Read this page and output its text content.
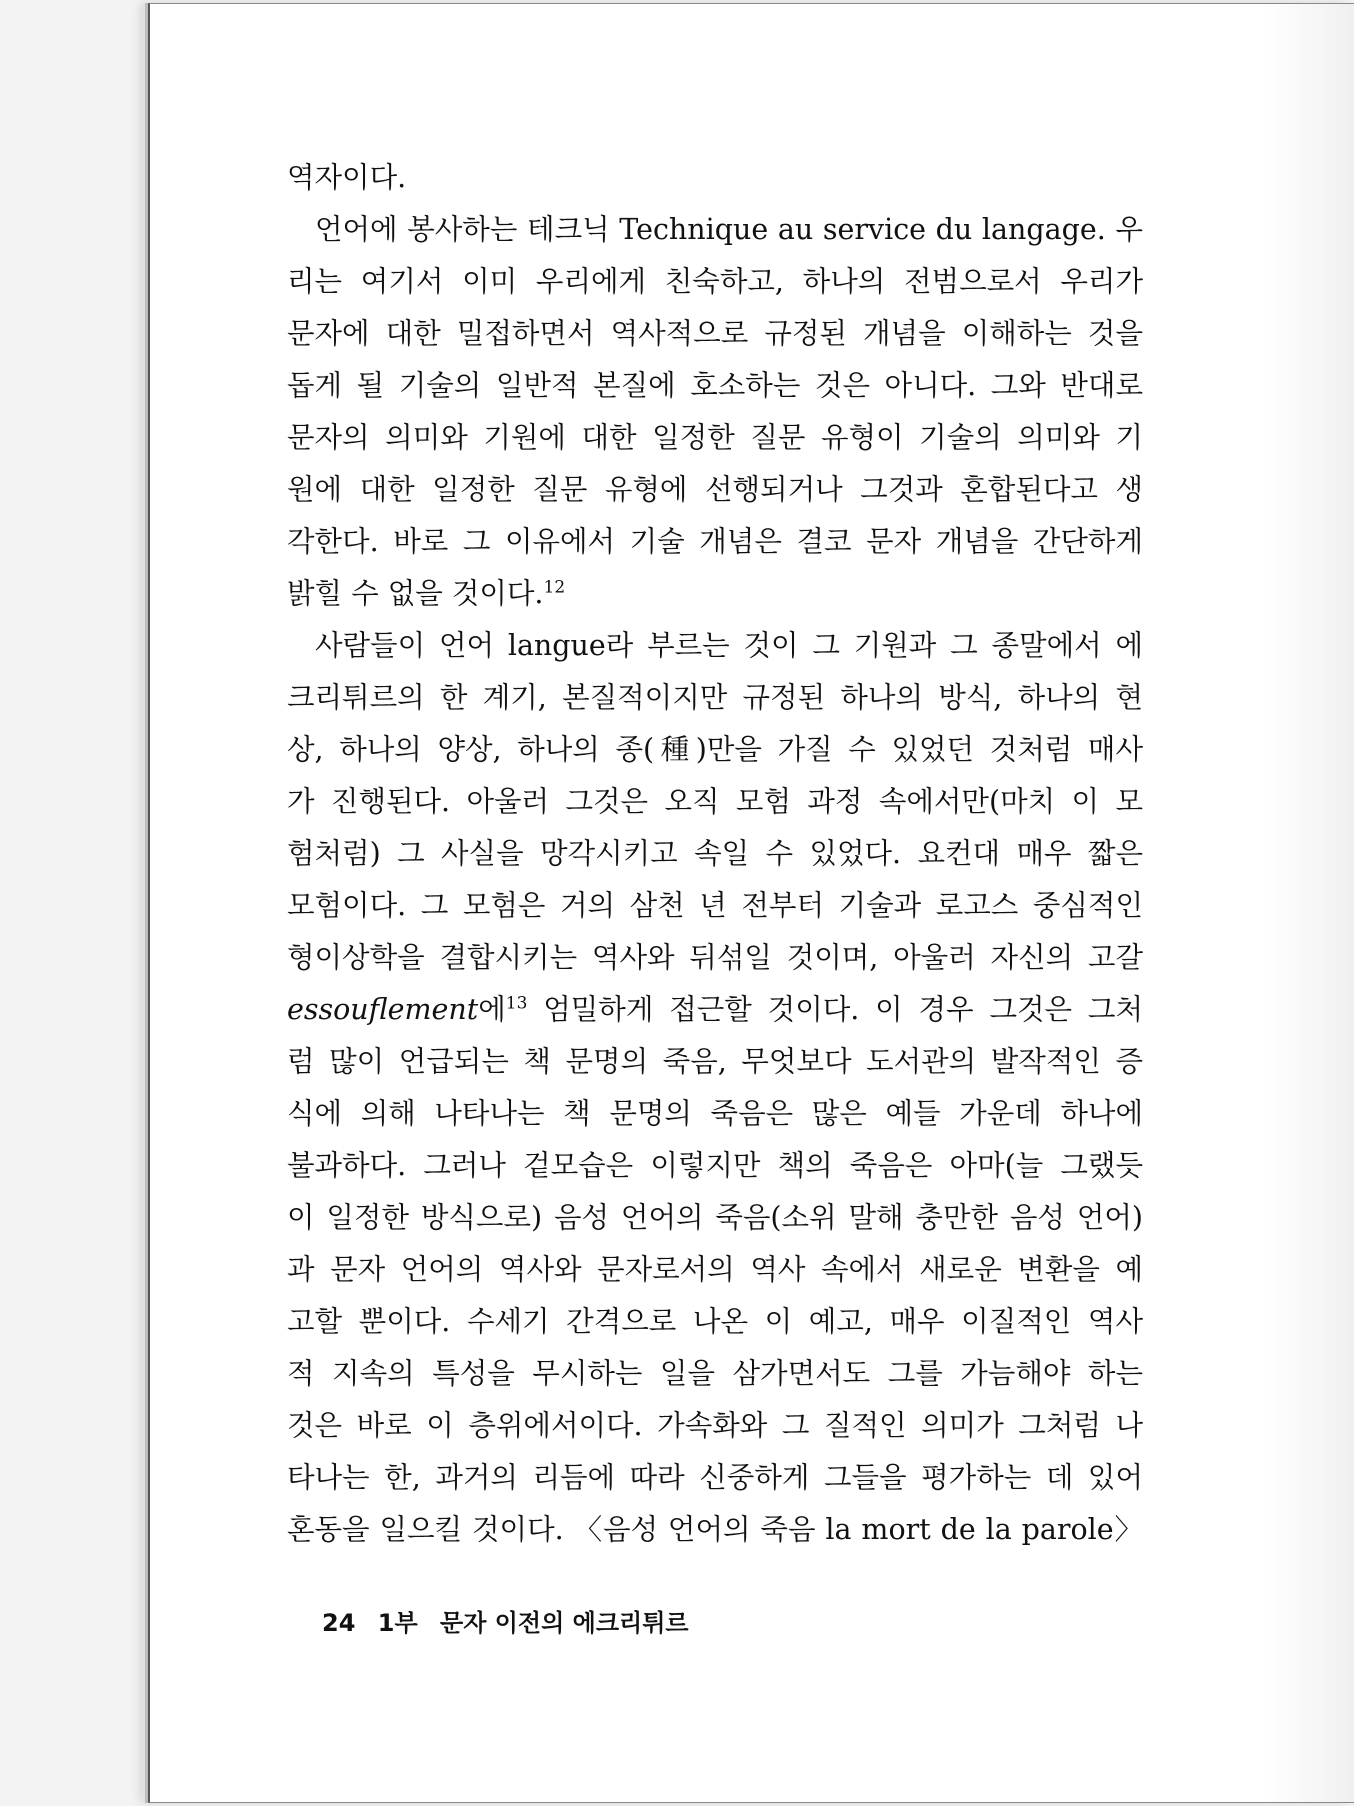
역자이다.
언어에 봉사하는 테크닉 Technique au service du langage. 우
리는 여기서 이미 우리에게 친숙하고, 하나의 전범으로서 우리가
문자에 대한 밀접하면서 역사적으로 규정된 개념을 이해하는 것을
돕게 될 기술의 일반적 본질에 호소하는 것은 아니다. 그와 반대로
문자의 의미와 기원에 대한 일정한 질문 유형이 기술의 의미와 기
원에 대한 일정한 질문 유형에 선행되거나 그것과 혼합된다고 생
각한다. 바로 그 이유에서 기술 개념은 결코 문자 개념을 간단하게
밝힐 수 없을 것이다.$^{12}$
사람들이 언어 langue라 부르는 것이 그 기원과 그 종말에서 에
크리튀르의 한 계기, 본질적이지만 규정된 하나의 방식, 하나의 현
상, 하나의 양상, 하나의 종(種)만을 가질 수 있었던 것처럼 매사
가 진행된다. 아울러 그것은 오직 모험 과정 속에서만(마치 이 모
험처럼) 그 사실을 망각시키고 속일 수 있었다. 요컨대 매우 짧은
모험이다. 그 모험은 거의 삼천 년 전부터 기술과 로고스 중심적인
형이상학을 결합시키는 역사와 뒤섞일 것이며, 아울러 자신의 고갈
essouflement에$^{13}$ 엄밀하게 접근할 것이다. 이 경우 그것은 그처
럼 많이 언급되는 책 문명의 죽음, 무엇보다 도서관의 발작적인 증
식에 의해 나타나는 책 문명의 죽음은 많은 예들 가운데 하나에
불과하다. 그러나 겉모습은 이렇지만 책의 죽음은 아마(늘 그랬듯
이 일정한 방식으로) 음성 언어의 죽음(소위 말해 충만한 음성 언어)
과 문자 언어의 역사와 문자로서의 역사 속에서 새로운 변환을 예
고할 뿐이다. 수세기 간격으로 나온 이 예고, 매우 이질적인 역사
적 지속의 특성을 무시하는 일을 삼가면서도 그를 가늠해야 하는
것은 바로 이 층위에서이다. 가속화와 그 질적인 의미가 그처럼 나
타나는 한, 과거의 리듬에 따라 신중하게 그들을 평가하는 데 있어
혼동을 일으킬 것이다. 〈음성 언어의 죽음 la mort de la parole〉
24 1부 문자 이전의 에크리튀르
